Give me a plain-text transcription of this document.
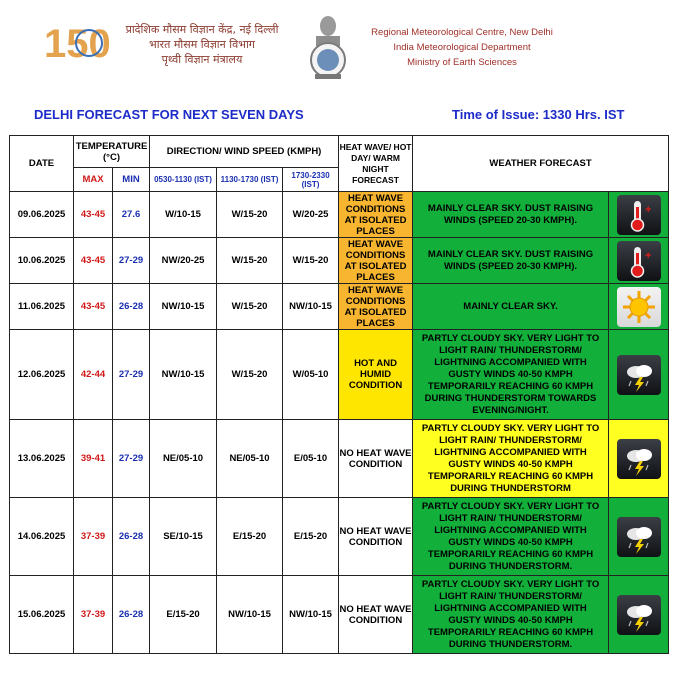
150	प्रादेशिक मौसम विज्ञान केंद्र, नई दिल्ली
भारत मौसम विज्ञान विभाग
पृथ्वी विज्ञान मंत्रालय
Regional Meteorological Centre, New Delhi
India Meteorological Department
Ministry of Earth Sciences
DELHI FORECAST FOR NEXT SEVEN DAYS	Time of Issue: 1330 Hrs. IST
DATE	TEMPERATURE (°C)		DIRECTION/ WIND SPEED (KMPH)			HEAT WAVE/ HOT DAY/ WARM NIGHT FORECAST	WEATHER FORECAST	
	MAX	MIN	0530-1130 (IST)	1130-1730 (IST)	1730-2330 (IST)			
09.06.2025	43-45	27.6	W/10-15	W/15-20	W/20-25	HEAT WAVE CONDITIONS AT ISOLATED PLACES	MAINLY CLEAR SKY. DUST RAISING WINDS (SPEED 20-30 KMPH).	+

10.06.2025	43-45	27-29	NW/20-25	W/15-20	W/15-20	HEAT WAVE CONDITIONS AT ISOLATED PLACES	MAINLY CLEAR SKY. DUST RAISING WINDS (SPEED 20-30 KMPH).	+

11.06.2025	43-45	26-28	NW/10-15	W/15-20	NW/10-15	HEAT WAVE CONDITIONS AT ISOLATED PLACES	MAINLY CLEAR SKY.

12.06.2025	42-44	27-29	NW/10-15	W/15-20	W/05-10	HOT AND HUMID CONDITION	PARTLY CLOUDY SKY. VERY LIGHT TO LIGHT RAIN/ THUNDERSTORM/ LIGHTNING ACCOMPANIED WITH GUSTY WINDS 40-50 KMPH TEMPORARILY REACHING 60 KMPH DURING THUNDERSTORM TOWARDS EVENING/NIGHT.

13.06.2025	39-41	27-29	NE/05-10	NE/05-10	E/05-10	NO HEAT WAVE CONDITION	PARTLY CLOUDY SKY. VERY LIGHT TO LIGHT RAIN/ THUNDERSTORM/ LIGHTNING ACCOMPANIED WITH GUSTY WINDS 40-50 KMPH TEMPORARILY REACHING 60 KMPH DURING THUNDERSTORM

14.06.2025	37-39	26-28	SE/10-15	E/15-20	E/15-20	NO HEAT WAVE CONDITION	PARTLY CLOUDY SKY. VERY LIGHT TO LIGHT RAIN/ THUNDERSTORM/ LIGHTNING ACCOMPANIED WITH GUSTY WINDS 40-50 KMPH TEMPORARILY REACHING 60 KMPH DURING THUNDERSTORM.

15.06.2025	37-39	26-28	E/15-20	NW/10-15	NW/10-15	NO HEAT WAVE CONDITION	PARTLY CLOUDY SKY. VERY LIGHT TO LIGHT RAIN/ THUNDERSTORM/ LIGHTNING ACCOMPANIED WITH GUSTY WINDS 40-50 KMPH TEMPORARILY REACHING 60 KMPH DURING THUNDERSTORM.
